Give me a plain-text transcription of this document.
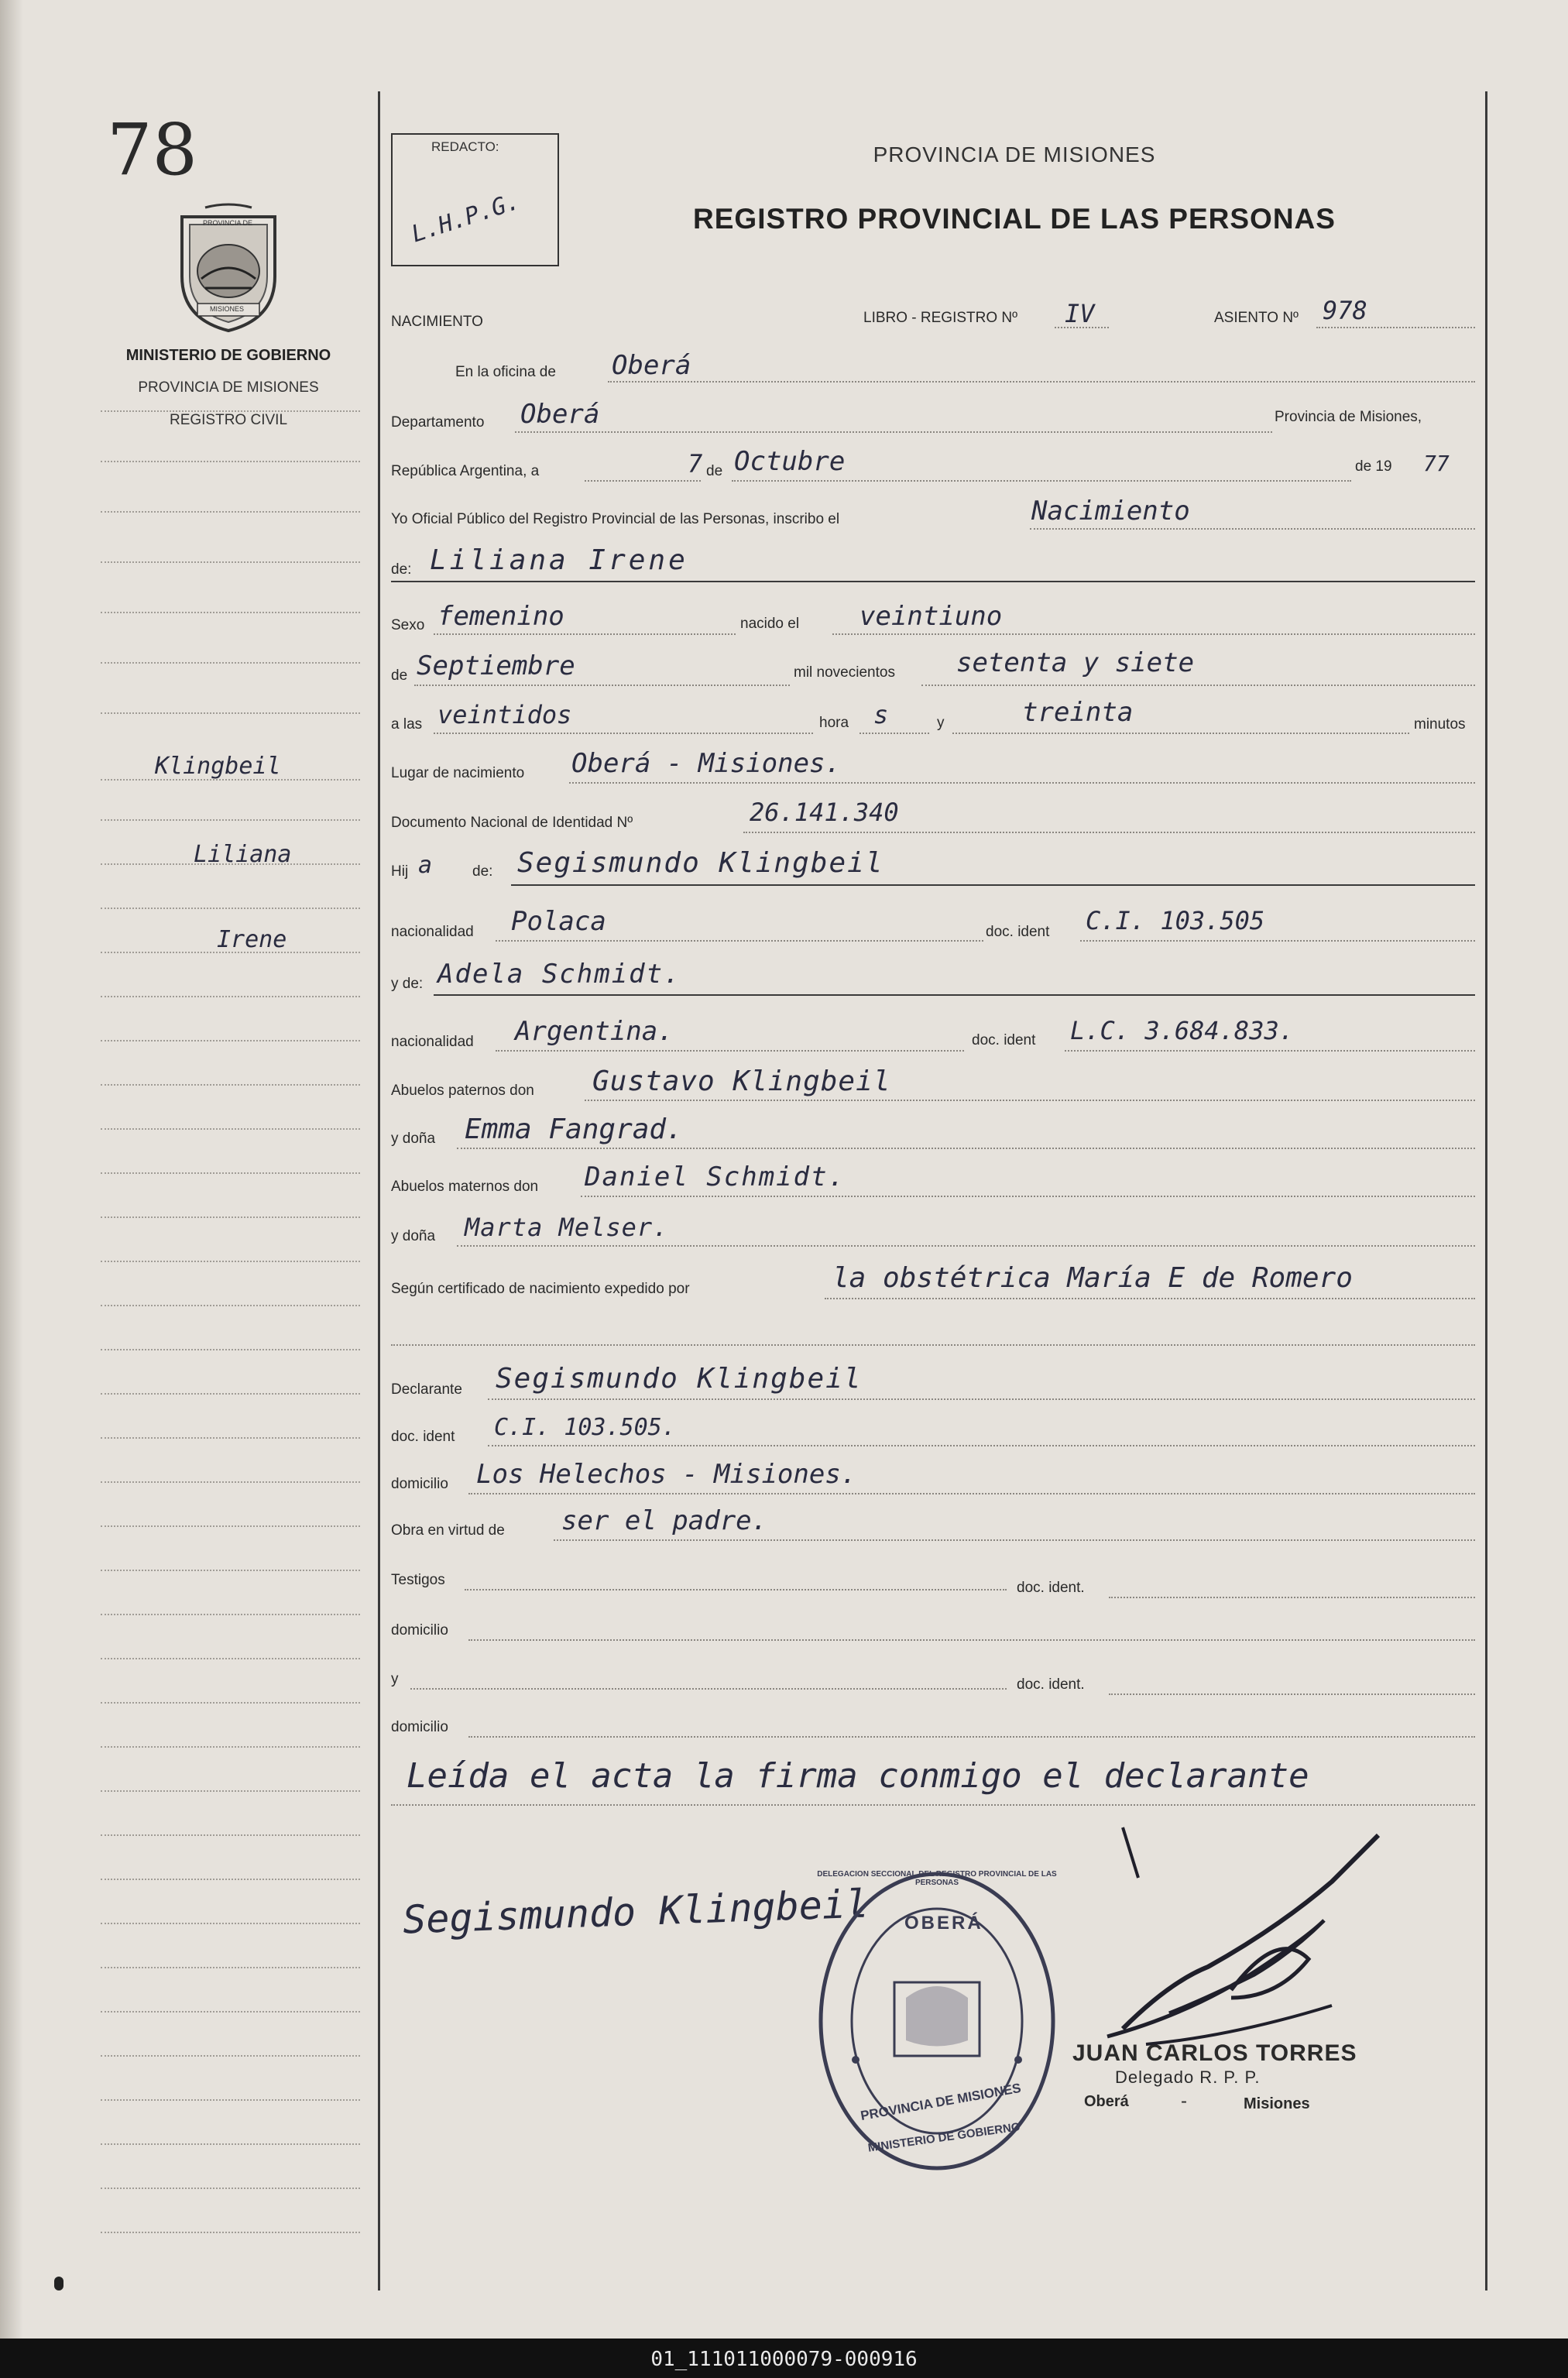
78
PROVINCIA DE
MISIONES
MINISTERIO DE GOBIERNO
PROVINCIA DE MISIONES
REGISTRO CIVIL
REDACTO:
L.H.P.G.
PROVINCIA DE MISIONES
REGISTRO PROVINCIAL DE LAS PERSONAS
Klingbeil
Liliana
Irene
NACIMIENTO	LIBRO - REGISTRO Nº IV	ASIENTO Nº 978
En la oficina de Oberá
Departamento Oberá	Provincia de Misiones,
República Argentina, a	7 de Octubre	de 19 77
Yo Oficial Público del Registro Provincial de las Personas, inscribo el	Nacimiento
de: Liliana Irene
Sexo femenino	nacido el veintiuno
de Septiembre	mil novecientos setenta y siete
a las veintidos	hora s	y	treinta	minutos
Lugar de nacimiento Oberá - Misiones.
Documento Nacional de Identidad Nº	26.141.340
Hij a	de: Segismundo Klingbeil
nacionalidad Polaca	doc. ident C.I. 103.505
y de: Adela Schmidt.
nacionalidad Argentina.	doc. ident L.C. 3.684.833.
Abuelos paternos don Gustavo Klingbeil
y doña Emma Fangrad.
Abuelos maternos don Daniel Schmidt.
y doña Marta Melser.
Según certificado de nacimiento expedido por	la obstétrica María E de Romero
Declarante Segismundo Klingbeil
doc. ident C.I. 103.505.
domicilio Los Helechos - Misiones.
Obra en virtud de ser el padre.
Testigos	doc. ident.
domicilio
y	doc. ident.
domicilio
Leída el acta la firma conmigo el declarante
Segismundo Klingbeil OBERÁ
DELEGACION SECCIONAL DEL REGISTRO PROVINCIAL DE LAS PERSONAS
PROVINCIA DE MISIONES
MINISTERIO DE GOBIERNO
JUAN CARLOS TORRES
Delegado R. P. P.
Oberá	-	Misiones
01_111011000079-000916
